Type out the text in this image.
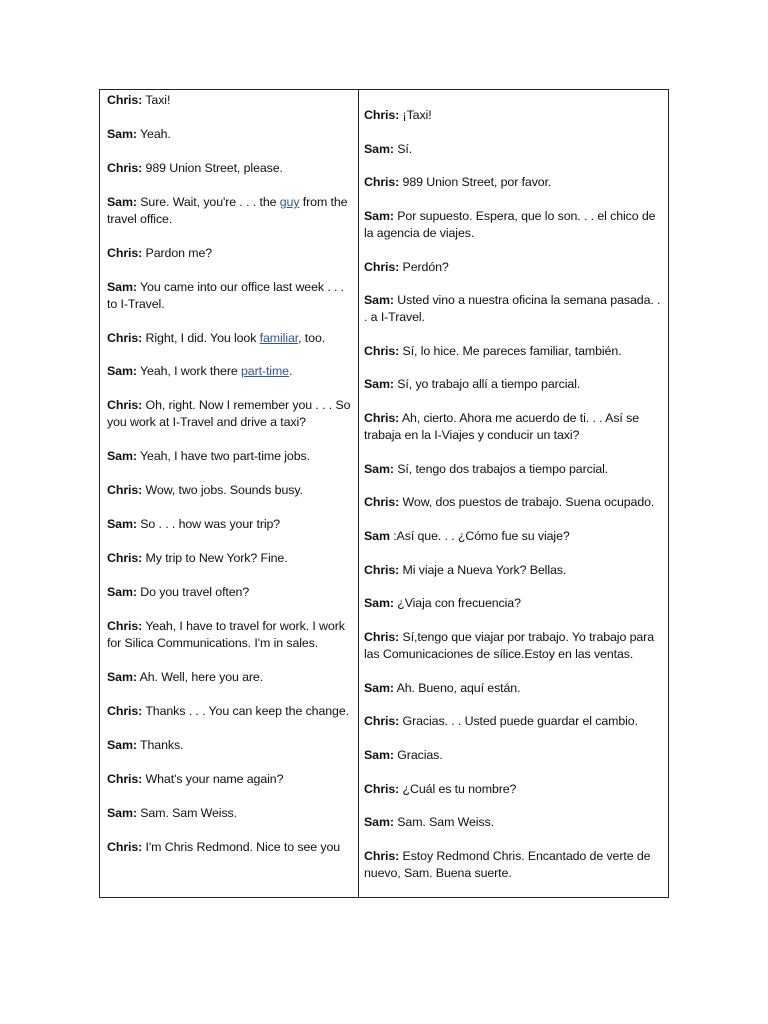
Chris: Taxi!
Sam: Yeah.
Chris: 989 Union Street, please.
Sam: Sure. Wait, you're . . . the guy from the travel office.
Chris: Pardon me?
Sam: You came into our office last week . . . to I-Travel.
Chris: Right, I did. You look familiar, too.
Sam: Yeah, I work there part-time.
Chris: Oh, right. Now I remember you . . . So you work at I-Travel and drive a taxi?
Sam: Yeah, I have two part-time jobs.
Chris: Wow, two jobs. Sounds busy.
Sam: So . . . how was your trip?
Chris: My trip to New York? Fine.
Sam: Do you travel often?
Chris: Yeah, I have to travel for work. I work for Silica Communications. I'm in sales.
Sam: Ah. Well, here you are.
Chris: Thanks . . . You can keep the change.
Sam: Thanks.
Chris: What's your name again?
Sam: Sam. Sam Weiss.
Chris: I'm Chris Redmond. Nice to see you
Chris: ¡Taxi!
Sam: Sí.
Chris: 989 Union Street, por favor.
Sam: Por supuesto. Espera, que lo son. . . el chico de la agencia de viajes.
Chris: Perdón?
Sam: Usted vino a nuestra oficina la semana pasada. . . a I-Travel.
Chris: Sí, lo hice. Me pareces familiar, también.
Sam: Sí, yo trabajo allí a tiempo parcial.
Chris: Ah, cierto. Ahora me acuerdo de ti. . . Así se trabaja en la I-Viajes y conducir un taxi?
Sam: Sí, tengo dos trabajos a tiempo parcial.
Chris: Wow, dos puestos de trabajo. Suena ocupado.
Sam :Así que. . . ¿Cómo fue su viaje?
Chris: Mi viaje a Nueva York? Bellas.
Sam: ¿Viaja con frecuencia?
Chris: Sí,tengo que viajar por trabajo. Yo trabajo para las Comunicaciones de sílice.Estoy en las ventas.
Sam: Ah. Bueno, aquí están.
Chris: Gracias. . . Usted puede guardar el cambio.
Sam: Gracias.
Chris: ¿Cuál es tu nombre?
Sam: Sam. Sam Weiss.
Chris: Estoy Redmond Chris. Encantado de verte de nuevo, Sam. Buena suerte.
